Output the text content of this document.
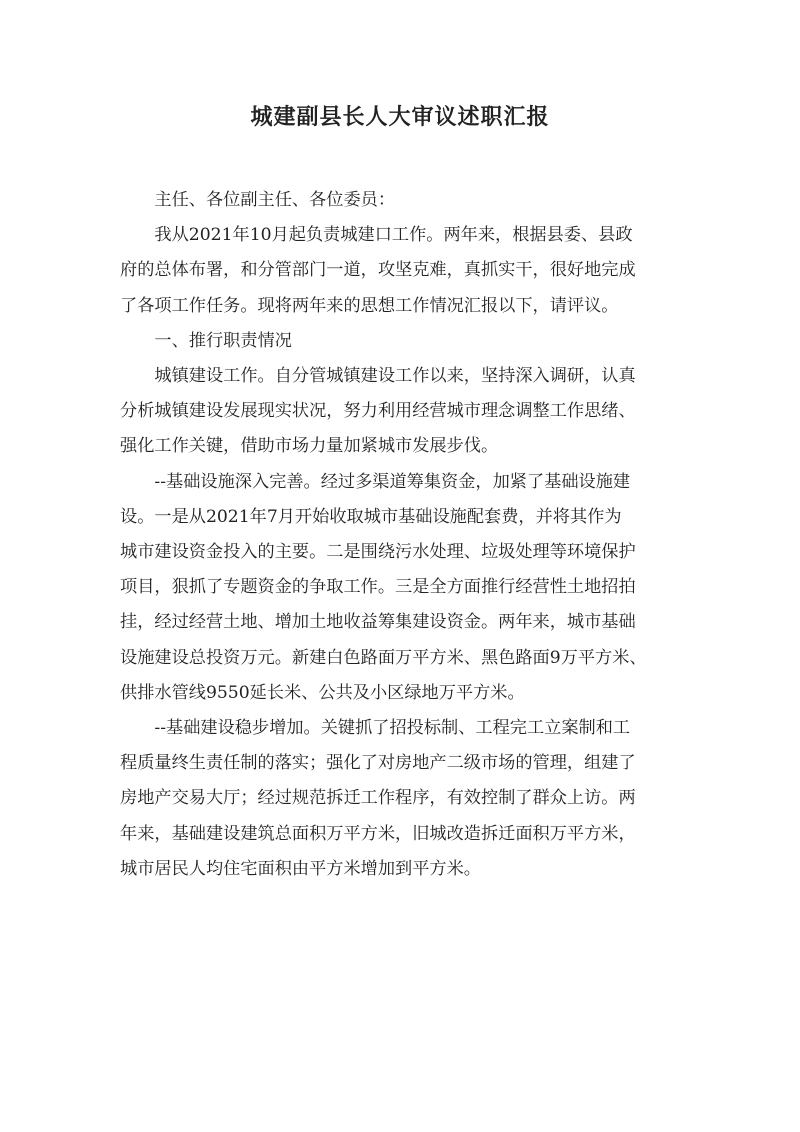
城建副县长人大审议述职汇报

主任、各位副主任、各位委员：

我从2021年10月起负责城建口工作。两年来，根据县委、县政
府的总体布署，和分管部门一道，攻坚克难，真抓实干，很好地完成
了各项工作任务。现将两年来的思想工作情况汇报以下，请评议。

一、推行职责情况

城镇建设工作。自分管城镇建设工作以来，坚持深入调研，认真
分析城镇建设发展现实状况，努力利用经营城市理念调整工作思绪、
强化工作关键，借助市场力量加紧城市发展步伐。

--基础设施深入完善。经过多渠道筹集资金，加紧了基础设施建
设。一是从2021年7月开始收取城市基础设施配套费，并将其作为
城市建设资金投入的主要。二是围绕污水处理、垃圾处理等环境保护
项目，狠抓了专题资金的争取工作。三是全方面推行经营性土地招拍
挂，经过经营土地、增加土地收益筹集建设资金。两年来，城市基础
设施建设总投资万元。新建白色路面万平方米、黑色路面9万平方米、
供排水管线9550延长米、公共及小区绿地万平方米。

--基础建设稳步增加。关键抓了招投标制、工程完工立案制和工
程质量终生责任制的落实；强化了对房地产二级市场的管理，组建了
房地产交易大厅；经过规范拆迁工作程序，有效控制了群众上访。两
年来，基础建设建筑总面积万平方米，旧城改造拆迁面积万平方米，
城市居民人均住宅面积由平方米增加到平方米。
